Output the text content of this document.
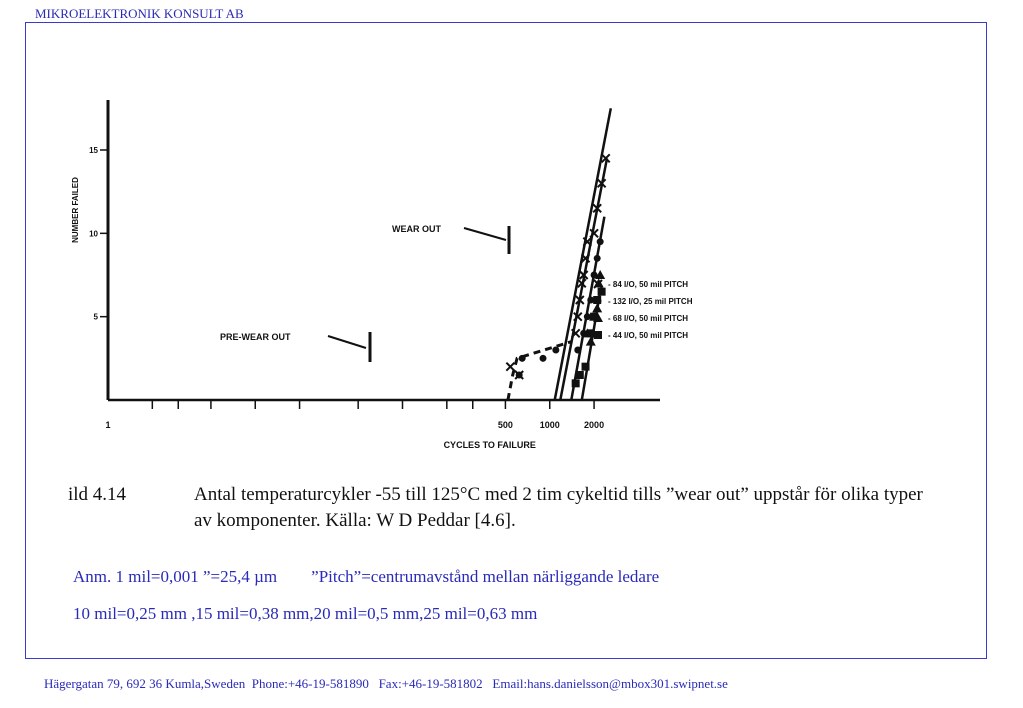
MIKROELEKTRONIK KONSULT AB
1	500	1000	2000
5
10
15
CYCLES TO FAILURE
NUMBER FAILED	WEAR OUT
PRE-WEAR OUT
- 84 I/O, 50 mil PITCH
- 132 I/O, 25 mil PITCH
- 68 I/O, 50 mil PITCH
- 44 I/O, 50 mil PITCH
ild 4.14	Antal temperaturcykler -55 till 125°C med 2 tim cykeltid tills ”wear out” uppstår för olika typer av komponenter. Källa: W D Peddar [4.6].
Anm. 1 mil=0,001 ”=25,4 µm        ”Pitch”=centrumavstånd mellan närliggande ledare
10 mil=0,25 mm ,15 mil=0,38 mm,20 mil=0,5 mm,25 mil=0,63 mm
Hägergatan 79, 692 36 Kumla,Sweden  Phone:+46-19-581890   Fax:+46-19-581802   Email:hans.danielsson@mbox301.swipnet.se
